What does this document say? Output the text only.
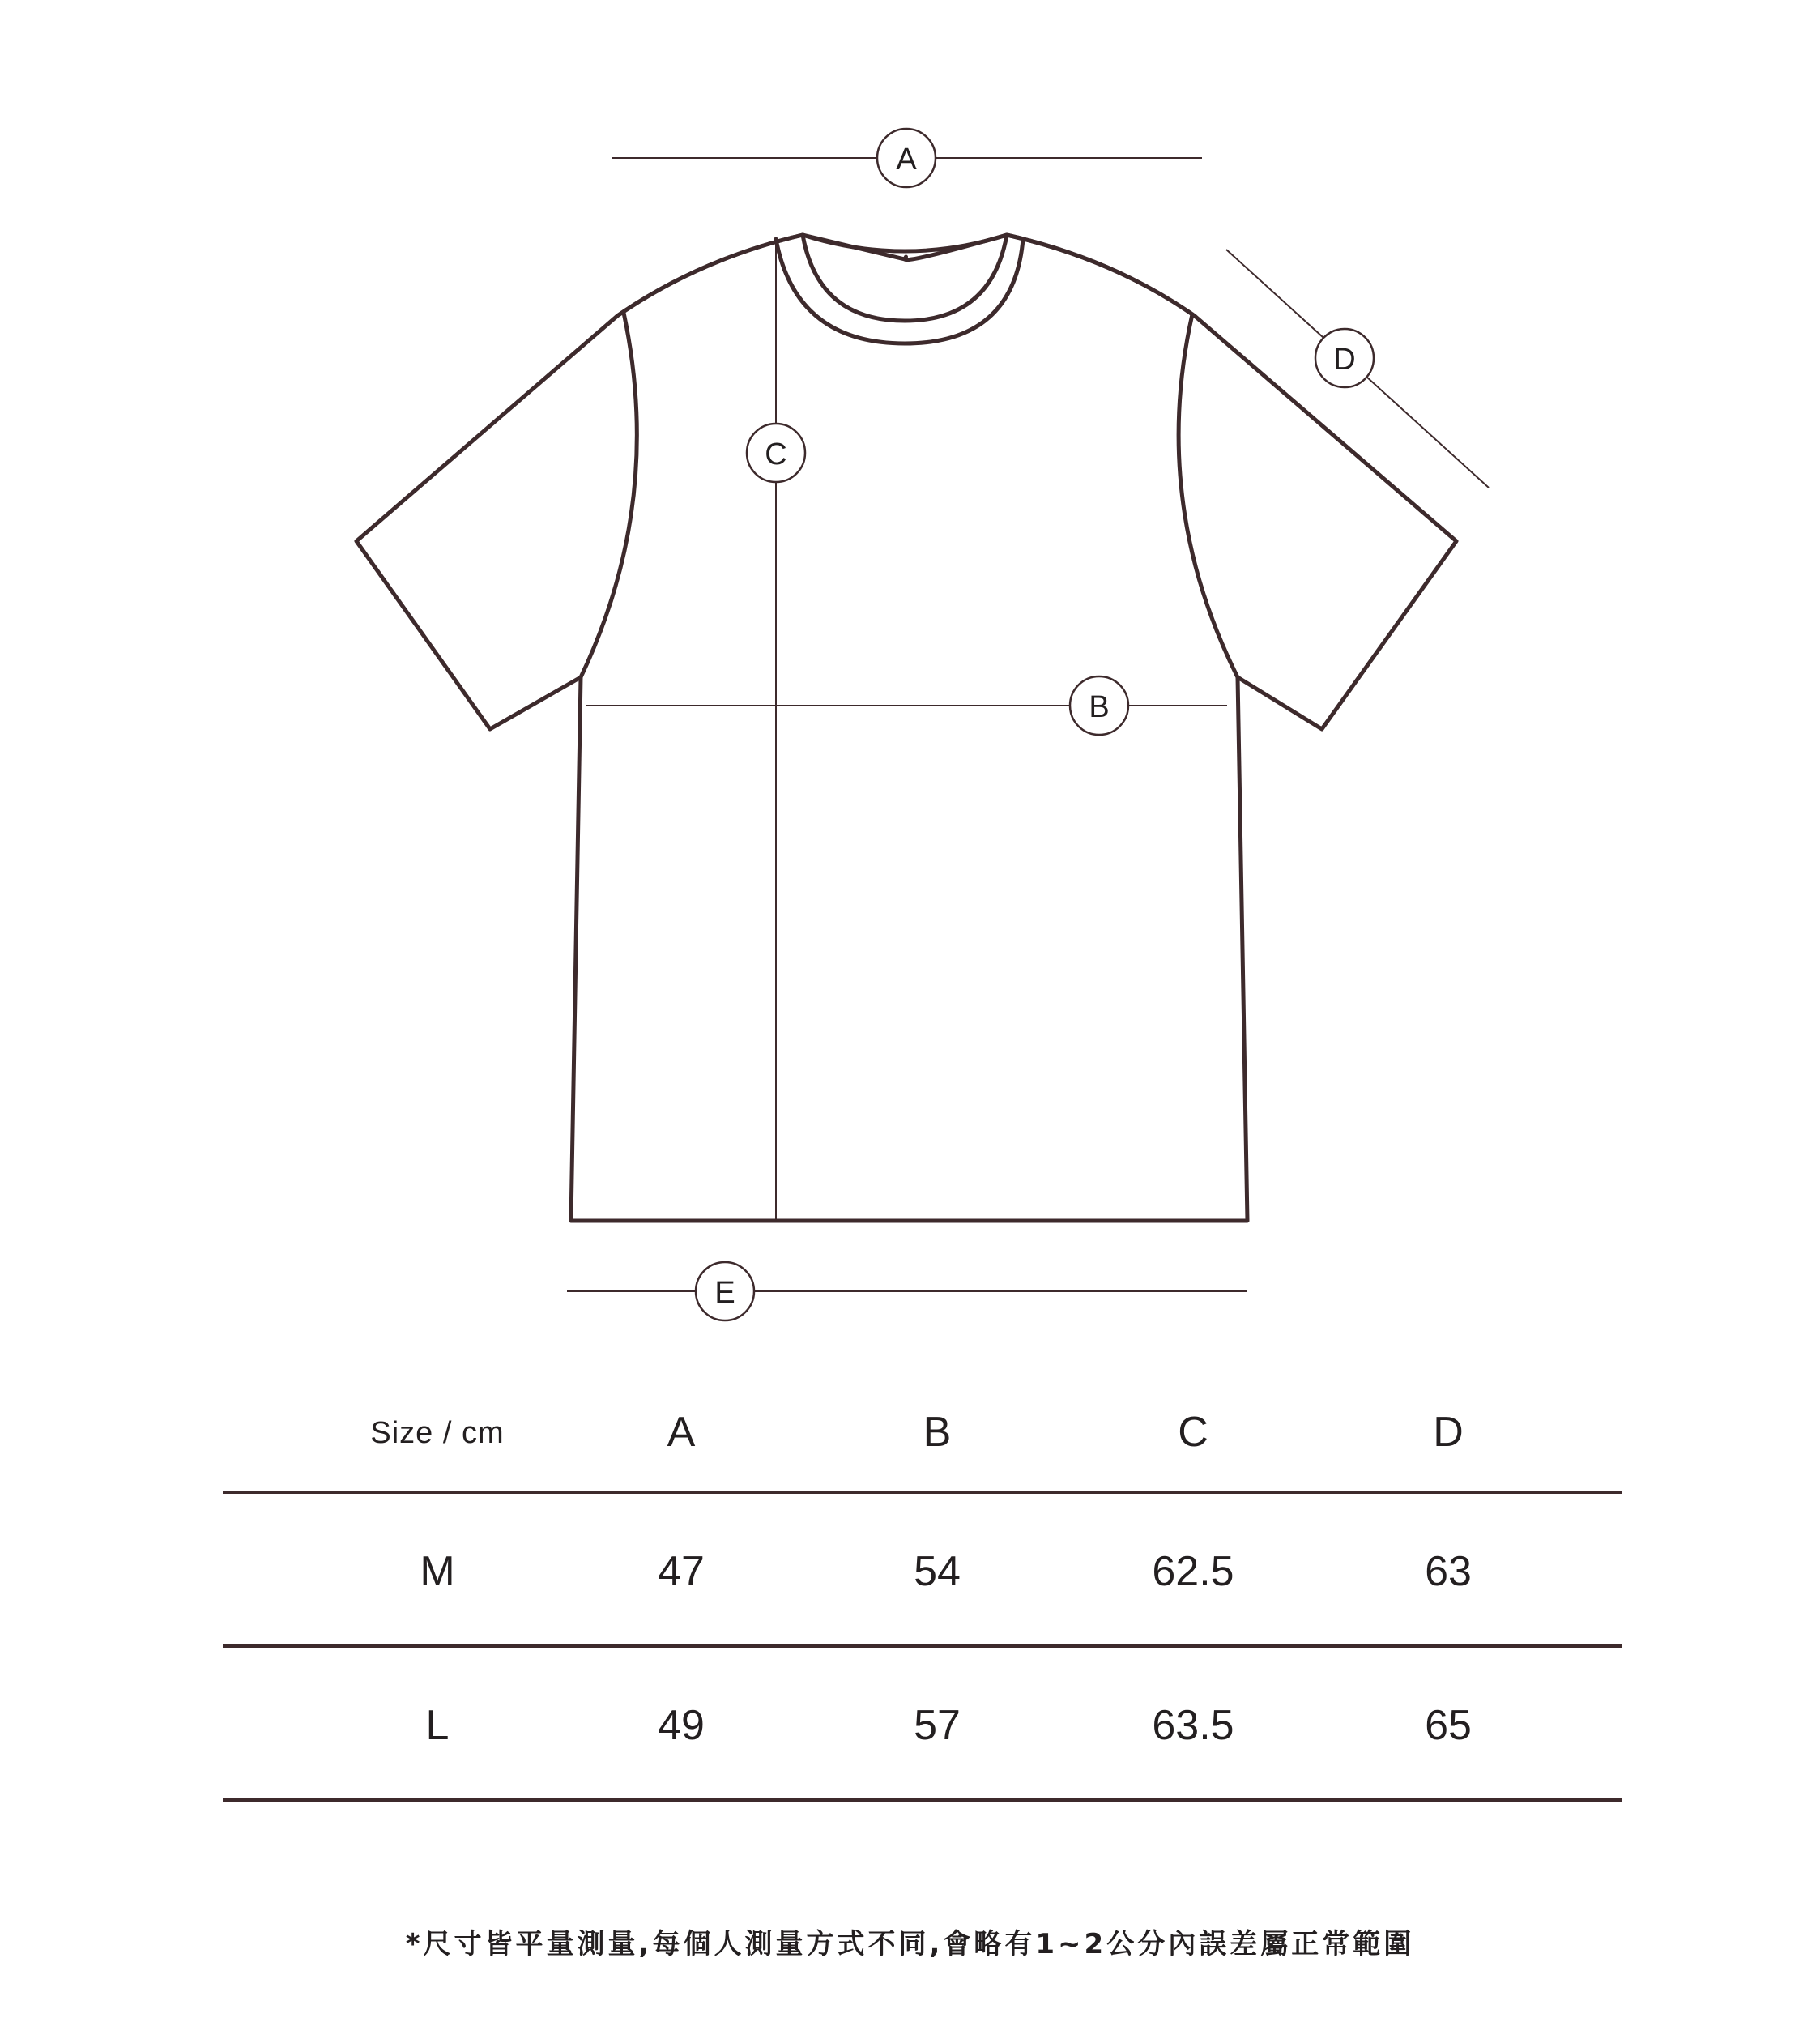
A
B
C
D
E
Size / cm	A	B	C	D
M	47	54	62.5	63
L	49	57	63.5	65
*尺寸皆平量測量,每個人測量方式不同,會略有1~2公分內誤差屬正常範圍
